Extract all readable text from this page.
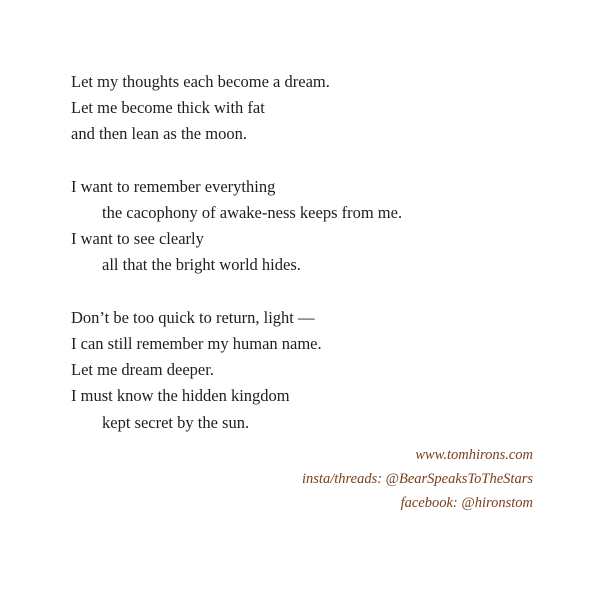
Let my thoughts each become a dream.
Let me become thick with fat
and then lean as the moon.
I want to remember everything
the cacophony of awake-ness keeps from me.
I want to see clearly
all that the bright world hides.
Don’t be too quick to return, light —
I can still remember my human name.
Let me dream deeper.
I must know the hidden kingdom
kept secret by the sun.
www.tomhirons.com
insta/threads: @BearSpeaksToTheStars
facebook: @hironstom
